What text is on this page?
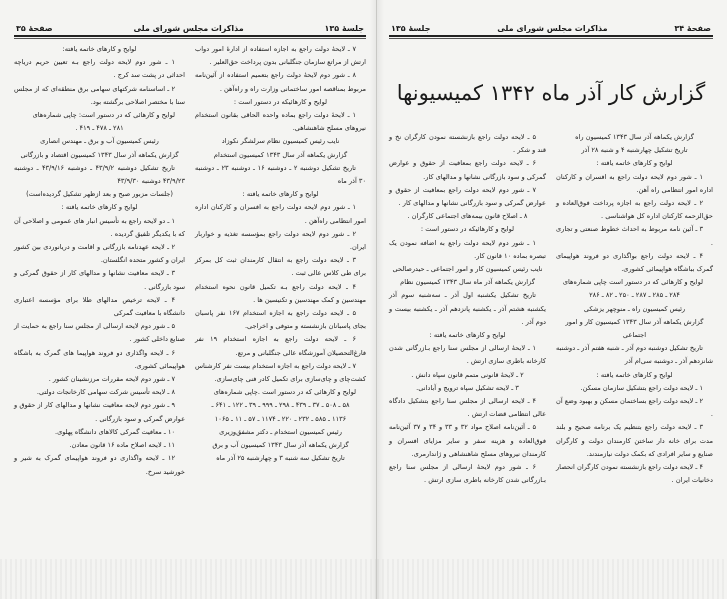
جلسهٔ ۱۳۵
مذاکرات مجلس شورای ملی
صفحهٔ ۳۵

۷ ـ لایحهٔ دولت راجع به اجازه استفاده از ادارهٔ امور دواب ارتش از مراتع سازمان جنگلبانی بدون پرداخت حق‌العلیر .

۸ ـ شور دوم لایحهٔ دولت راجع بتعمیم استفاده از آئین‌نامه مربوط بمناقصه امور ساختمانی وزارت راه و راه‌آهن .

لوایح و کارهائیکه در دستور است :

۱ ـ لایحهٔ دولت راجع بماده واحده الحاقی بقانون استخدام نیروهای مسلح شاهنشاهی.

نایب رئیس کمیسیون نظام سرلشگر نکوزاد

گزارش یکماهه آذر سال ۱۳۴۳ کمیسیون استخدام

تاریخ تشکیل دوشنبه ۲ ـ دوشنبه ۱۶ ـ دوشنبه ۲۳ ـ دوشنبه ۳۰ آذر ماه

لوایح و کارهای خاتمه یافته :

۱ ـ شور دوم لایحه دولت راجع به افسران و کارکنان اداره امور انتظامی راه‌آهن .

۲ ـ شور دوم لایحه دولت راجع بمؤسسه تغذیه و خواربار ایران.

۳ ـ لایحه دولت راجع به انتقال کارمندان ثبت کل بمرکز برای طی کلاس عالی ثبت .

۴ ـ لایحه دولت راجع بـه تکمیل قانون نحوه استخدام مهندسین و کمک مهندسین و تکنیسین ها .

۵ ـ لایحه دولت راجع به اجازه استخدام ۱۶۷ نفر پاسبان بجای پاسبانان بازنشسته و متوفی و اخراجی.

۶ ـ لایحه دولت راجع به اجازه استخدام ۱۹ نفر فارغ‌التحصیلان آموزشگاه عالی جنگلبانی و مرتع.

۷ ـ لایحه دولت راجع به اجازه استخدام بیست نفر کارشناس کشت‌چای و چای‌سازی برای تکمیل کادر فنی چای‌سازی.

لوایح و کارهائی که در دستور است .چاپی شماره‌های

۵۸ ـ ۵۰۸ ـ ۳۷ ـ ۴۳۹ ـ ۲۹۸ ـ ۹۹۹ ـ ۳۹ ـ ۱۲۲ ـ ۶۴۱ ـ

۱۱۳۶ ـ ۵۸۵ ـ ۲۳۲ ـ ۲۲۰ ـ ۱۱۷۴ ـ ۵۷ ـ ۱۱ ـ ۱۰۶۵

رئیس کمیسیون استخدام ـ دکتر مشفق‌وزیری

گزارش یکماهه آذر سال ۱۳۴۳ کمیسیون آب و برق

تاریخ تشکیل سه شنبه ۳ و چهارشنبه ۲۵ آذر ماه

لوایح و کارهای خاتمه یافته:

۱ ـ شور دوم لایحه دولت راجع بـه تعیین حریم دریاچه احداثی در پشت سد کرج .

۲ ـ اساسنامه شرکتهای سهامی برق منطقه‌ای که از مجلس سنا با مختصر اصلاحی برگشته بود.

لوایح و کارهائی که در دستور است: چاپی شماره‌های

۲۸۱ ـ ۴۷۸ ـ ۴۱۹ .

رئیس کمیسیون آب و برق ـ مهندس انصاری

گزارش یکماهه آذر سال ۱۳۴۳ کمیسیون اقتصاد و بازرگانی

تاریخ تشکیل دوشنبه ۴۳/۹/۲ ـ دوشنبه ۴۳/۹/۱۶ ـ دوشنبه ۴۳/۹/۲۳ دوشنبه ۴۳/۹/۳۰

(جلسات مزبور صبح و بعد ازظهر تشکیل گردیده‌است)

لوایح و کارهای خاتمه یافته :

۱ ـ دو لایحه راجع به تأسیس انبار های عمومی و اصلاحی آن که با یکدیگر تلفیق گردیده .

۲ ـ لایحه عهدنامه بازرگانی و اقامت و دریانوردی بین کشور ایران و کشور متحده انگلستان.

۳ ـ لایحه معافیت نشانها و مدالهای کار از حقوق گمرکی و سود بازرگانی .

۴ ـ لایحه ترخیص مدالهای طلا برای مؤسسه اعتباری دانشگاه با معافیت گمرکی

۵ ـ شور دوم لایحه ارسالی از مجلس سنا راجع به حمایت از صنایع داخلی کشور .

۶ ـ لایحه واگذاری دو فروند هواپیما های گمرک به باشگاه هواپیمائی کشوری.

۷ ـ شور دوم لایحه مقررات مرزنشینان کشور .

۸ ـ لایحه تأسیس شرکت سهامی کارخانجات دولتی.

۹ ـ شور دوم لایحه معافیت نشانها و مدالهای کار از حقوق و عوارض گمرکی و سود بازرگانی .

۱۰ ـ معافیت گمرکی کالاهای دانشگاه پهلوی.

۱۱ ـ لایحه اصلاح ماده ۱۶ قانون معادن.

۱۲ ـ لایحه واگذاری دو فروند هواپیمای گمرک به شیر و خورشید سرخ.

صفحهٔ ۳۴
مذاکرات مجلس شورای ملی
جلسهٔ ۱۳۵
گزارش کار آذر ماه ۱۳۴۲ کمیسیونها

گزارش یکماهه آذر سال ۱۳۴۳ کمیسیون راه

تاریخ تشکیل چهارشنبه ۴ و شنبه ۲۸ آذر

لوایح و کارهای خاتمه یافته :

۱ ـ شور دوم لایحه دولت راجع به افسران و کارکنان اداره امور انتظامی راه آهن.

۲ ـ لایحه دولت راجع به اجازه پرداخت فوق‌العاده و حق‌الزحمه کارکنان اداره کل هواشناسی .

۳ ـ آئین نامه مربوط به احداث خطوط صنعتی و تجاری .

۴ ـ لایحه دولت راجع بواگذاری دو فروند هواپیمای گمرک بباشگاه هواپیمائی کشوری.

لوایح و کارهائی که در دستور است چاپی شماره‌های

۲۸۴ ـ ۲۸۵ ـ ۲۸۷ ـ ۲۵۰ ـ ۸۲ ـ ۲۸۶

رئیس کمیسیون راه ـ منوچهر یزشکی

گزارش یکماهه آذر سال ۱۳۴۳ کمیسیون کار و امور اجتماعی

تاریخ تشکیل دوشنبه دوم آذر ـ شنبه هفتم آذر ـ دوشنبه شانزدهم آذر ـ دوشنبه سی‌ام آذر

لوایح و کارهای خاتمه یافته :

۱ ـ لایحه دولت راجع بتشکیل سازمان مسکن.

۲ ـ لایحه دولت راجع بساختمان مسکن و بهبود وضع آن .

۳ ـ لایحه دولت راجع بتنظیم یک برنامه صحیح و بلند مدت برای خانه دار ساختن کارمندان دولت و کارگران صنایع و سایر افرادی که بکمک دولت نیازمندند.

۴ ـ لایحه دولت راجع بازنشسته نمودن کارگران انحصار دخانیات ایران .

۵ ـ لایحه دولت راجع بازنشسته نمودن کارگران نخ و قند و شکر .

۶ ـ لایحه دولت راجع بمعافیت از حقوق و عوارض گمرکی و سود بازرگانی نشانها و مدالهای کار.

۷ ـ شور دوم لایحه دولت راجع بمعافیت از حقوق و عوارض گمرکی و سود بازرگانی نشانها و مدالهای کار .

۸ ـ اصلاح قانون بیمه‌های اجتماعی کارگران .

لوایح و کارهائیکه در دستور است :

۱ ـ شور دوم لایحه دولت راجع به اضافه نمودن یک تبصره بماده ۱۰ قانون کار.

نایب رئیس کمیسیون کار و امور اجتماعی ـ حیدرصالحی

گزارش یکماهه آذر ماه سال ۱۳۴۳ کمیسیون نظام

تاریخ تشکیل یکشنبه اول آذر ـ سه‌شنبه سوم آذر یکشنبه هشتم آذر ـ یکشنبه پانزدهم آذر ـ یکشنبه بیست و دوم آذر .

لوایح و کارهای خاتمه یافته :

۱ ـ لایحهٔ ارسالی از مجلس سنا راجع بـازرگانی شدن کارخانه باطری سازی ارتش .

۲ ـ لایحهٔ قانونی متمم قانون سپاه دانش .

۳ ـ لایحه تشکیل سپاه ترویج و آبادانی.

۴ ـ لایحه ارسالی از مجلس سنا راجع بتشکیل دادگاه عالی انتظامی قضات ارتش .

۵ ـ آئین‌نامه اصلاح مواد ۳۲ و ۳۳ و ۳۴ و ۳۷ آئین‌نامه فوق‌العاده و هزینه سفر و سایر مزایای افسران و کارمندان نیروهای مسلح شاهنشاهی و ژاندارمری.

۶ ـ شور دوم لایحهٔ ارسالی از مجلس سنا راجع بـازرگانی شدن کارخانه باطری سازی ارتش .
